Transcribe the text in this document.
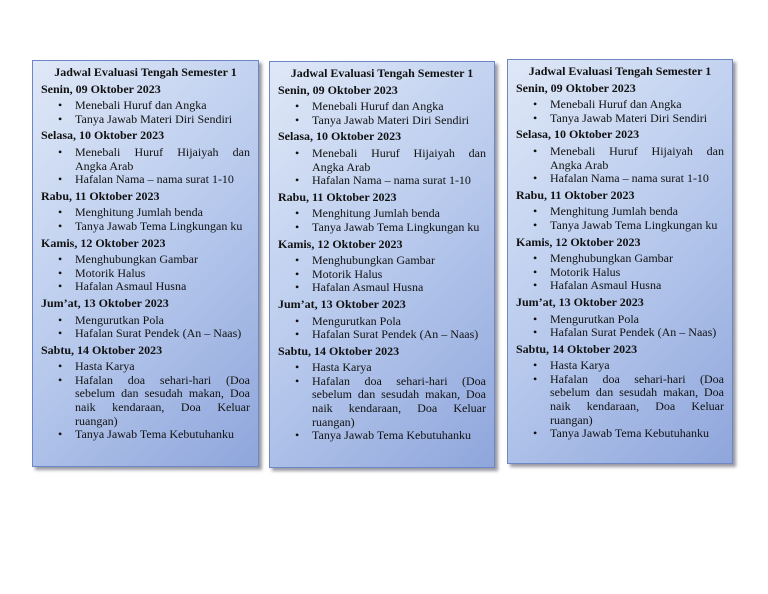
Jadwal Evaluasi Tengah Semester 1
Senin, 09 Oktober 2023
• Menebali Huruf dan Angka
• Tanya Jawab Materi Diri Sendiri
Selasa, 10 Oktober 2023
• Menebali Huruf Hijaiyah dan Angka Arab
• Hafalan Nama – nama surat 1-10
Rabu, 11 Oktober 2023
• Menghitung Jumlah benda
• Tanya Jawab Tema Lingkungan ku
Kamis, 12 Oktober 2023
• Menghubungkan Gambar
• Motorik Halus
• Hafalan Asmaul Husna
Jum’at, 13 Oktober 2023
• Mengurutkan Pola
• Hafalan Surat Pendek (An – Naas)
Sabtu, 14 Oktober 2023
• Hasta Karya
• Hafalan doa sehari-hari (Doa sebelum dan sesudah makan, Doa naik kendaraan, Doa Keluar ruangan)
• Tanya Jawab Tema Kebutuhanku
Jadwal Evaluasi Tengah Semester 1
Senin, 09 Oktober 2023
• Menebali Huruf dan Angka
• Tanya Jawab Materi Diri Sendiri
Selasa, 10 Oktober 2023
• Menebali Huruf Hijaiyah dan Angka Arab
• Hafalan Nama – nama surat 1-10
Rabu, 11 Oktober 2023
• Menghitung Jumlah benda
• Tanya Jawab Tema Lingkungan ku
Kamis, 12 Oktober 2023
• Menghubungkan Gambar
• Motorik Halus
• Hafalan Asmaul Husna
Jum’at, 13 Oktober 2023
• Mengurutkan Pola
• Hafalan Surat Pendek (An – Naas)
Sabtu, 14 Oktober 2023
• Hasta Karya
• Hafalan doa sehari-hari (Doa sebelum dan sesudah makan, Doa naik kendaraan, Doa Keluar ruangan)
• Tanya Jawab Tema Kebutuhanku
Jadwal Evaluasi Tengah Semester 1
Senin, 09 Oktober 2023
• Menebali Huruf dan Angka
• Tanya Jawab Materi Diri Sendiri
Selasa, 10 Oktober 2023
• Menebali Huruf Hijaiyah dan Angka Arab
• Hafalan Nama – nama surat 1-10
Rabu, 11 Oktober 2023
• Menghitung Jumlah benda
• Tanya Jawab Tema Lingkungan ku
Kamis, 12 Oktober 2023
• Menghubungkan Gambar
• Motorik Halus
• Hafalan Asmaul Husna
Jum’at, 13 Oktober 2023
• Mengurutkan Pola
• Hafalan Surat Pendek (An – Naas)
Sabtu, 14 Oktober 2023
• Hasta Karya
• Hafalan doa sehari-hari (Doa sebelum dan sesudah makan, Doa naik kendaraan, Doa Keluar ruangan)
• Tanya Jawab Tema Kebutuhanku
